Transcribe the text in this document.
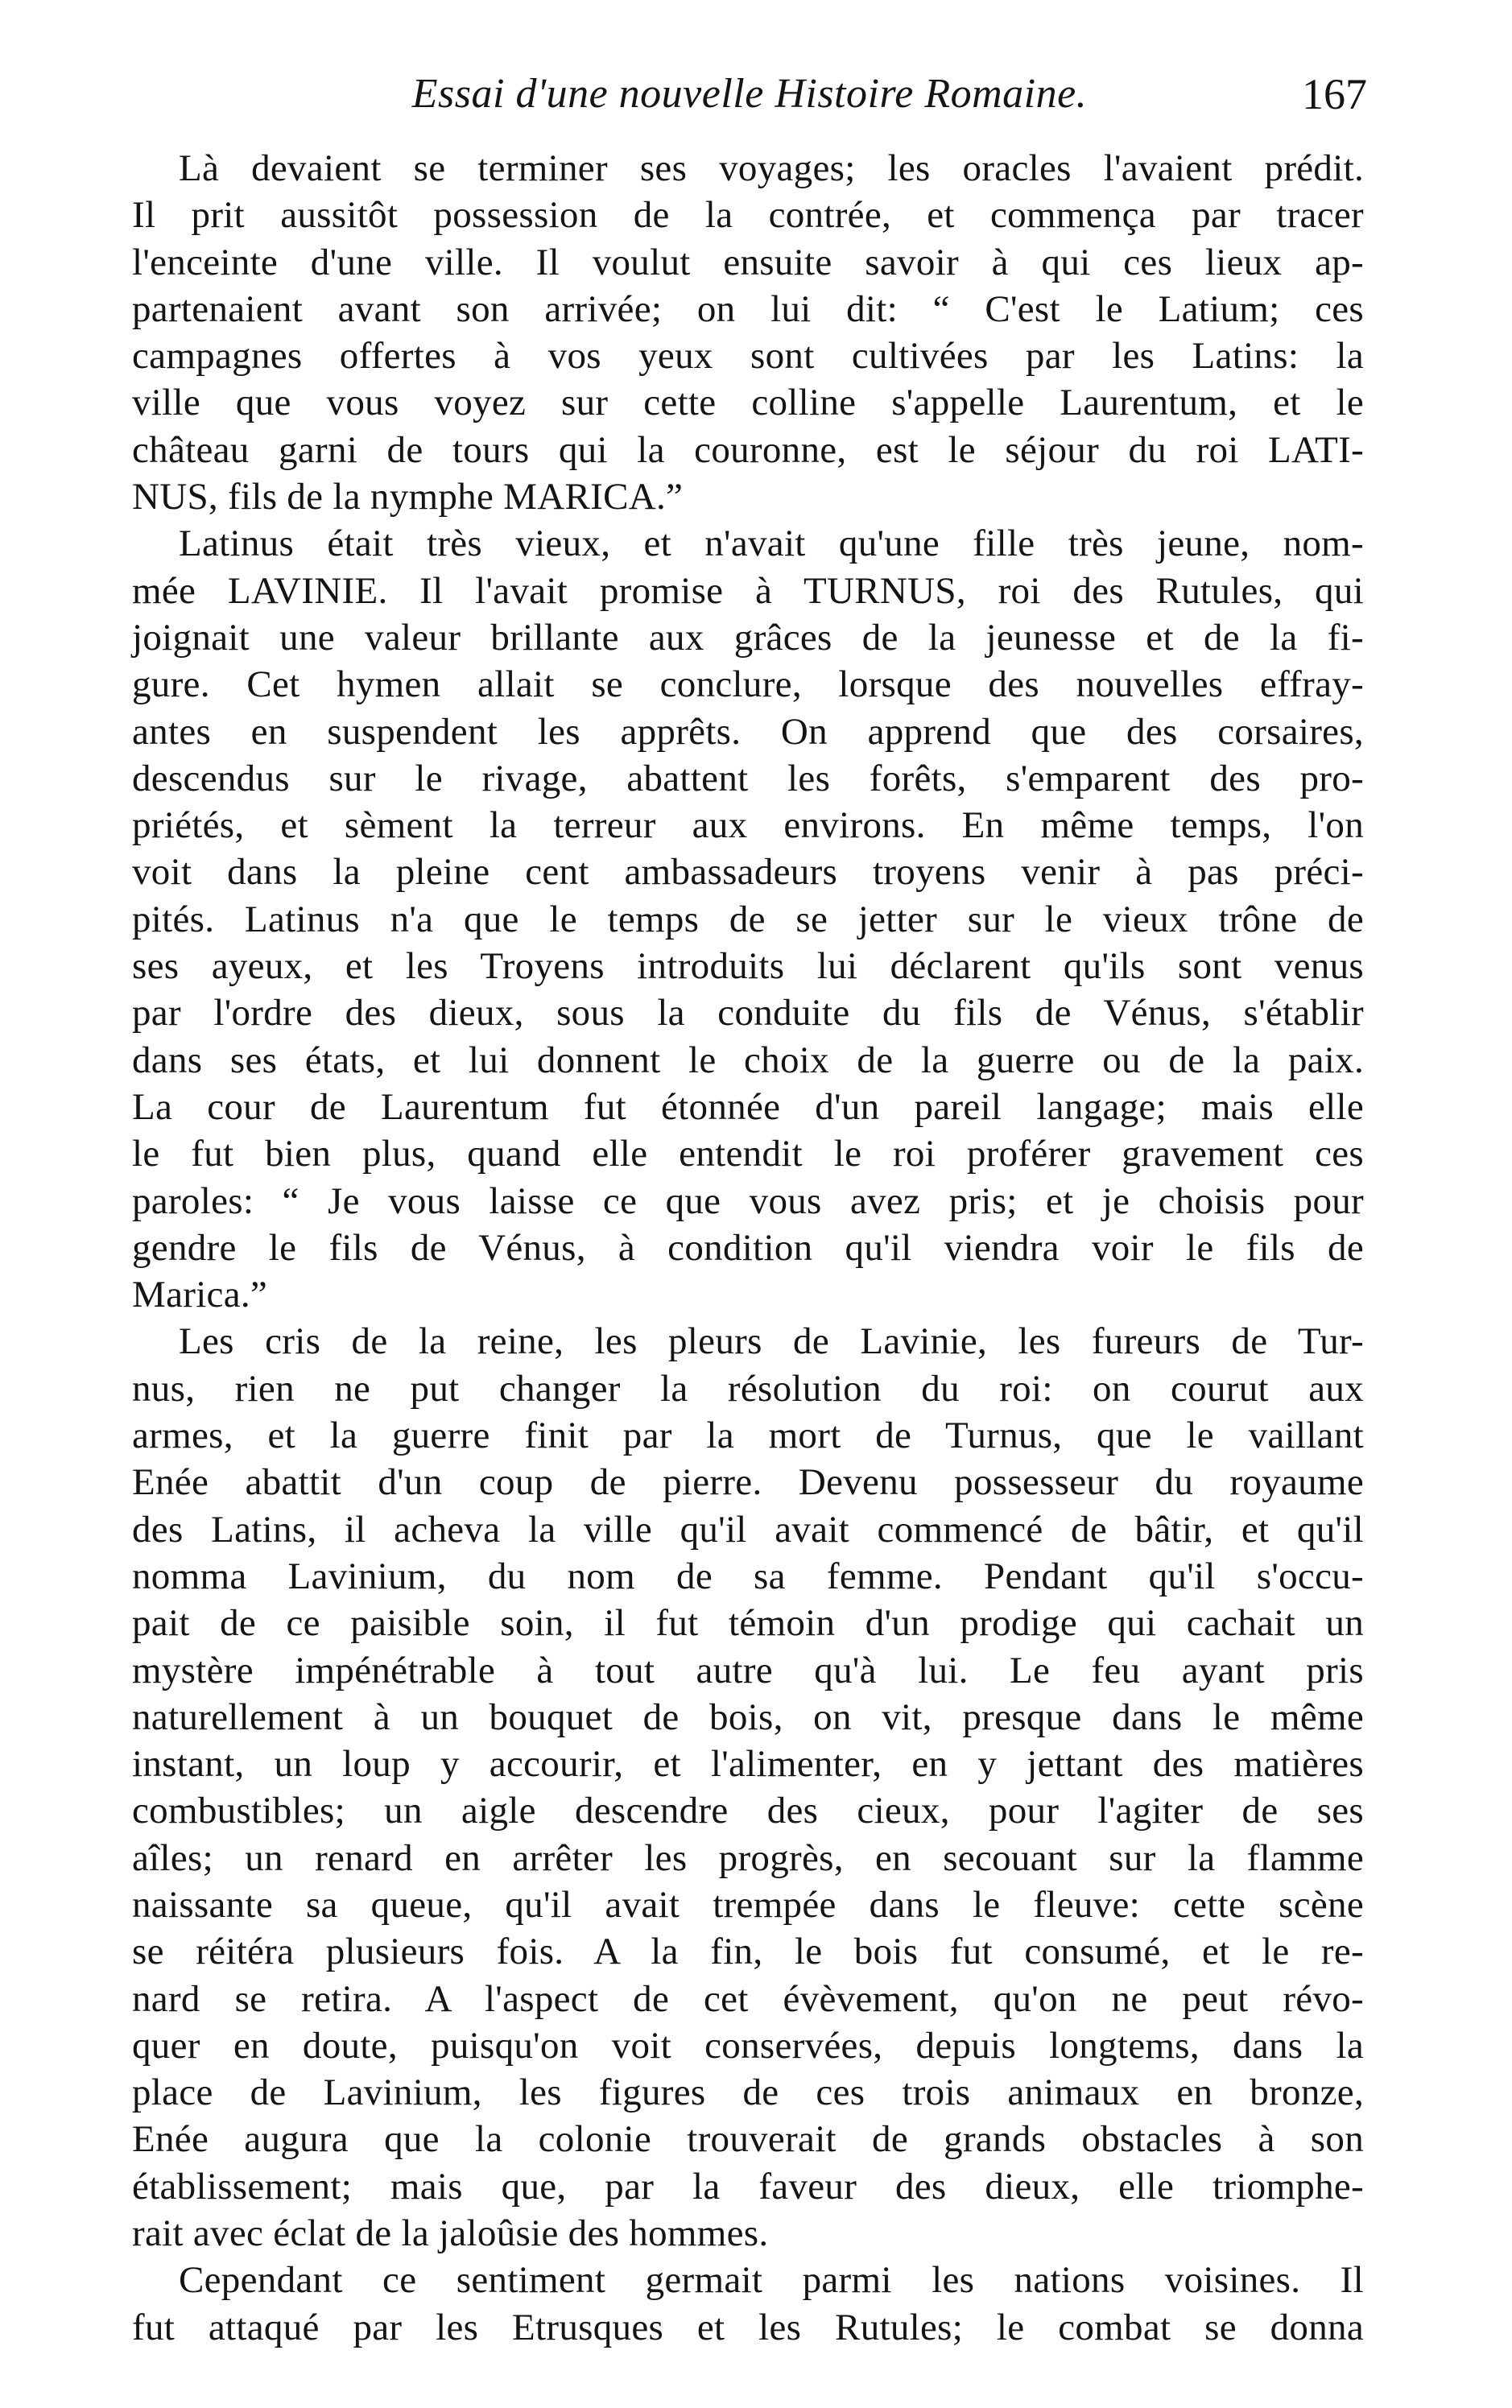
Essai d'une nouvelle Histoire Romaine.	167
Là devaient se terminer ses voyages; les oracles l'avaient prédit.
Il prit aussitôt possession de la contrée, et commença par tracer
l'enceinte d'une ville. Il voulut ensuite savoir à qui ces lieux ap-
partenaient avant son arrivée; on lui dit: “ C'est le Latium; ces
campagnes offertes à vos yeux sont cultivées par les Latins: la
ville que vous voyez sur cette colline s'appelle Laurentum, et le
château garni de tours qui la couronne, est le séjour du roi LATI-
NUS, fils de la nymphe MARICA.”
Latinus était très vieux, et n'avait qu'une fille très jeune, nom-
mée LAVINIE. Il l'avait promise à TURNUS, roi des Rutules, qui
joignait une valeur brillante aux grâces de la jeunesse et de la fi-
gure. Cet hymen allait se conclure, lorsque des nouvelles effray-
antes en suspendent les apprêts. On apprend que des corsaires,
descendus sur le rivage, abattent les forêts, s'emparent des pro-
priétés, et sèment la terreur aux environs. En même temps, l'on
voit dans la pleine cent ambassadeurs troyens venir à pas préci-
pités. Latinus n'a que le temps de se jetter sur le vieux trône de
ses ayeux, et les Troyens introduits lui déclarent qu'ils sont venus
par l'ordre des dieux, sous la conduite du fils de Vénus, s'établir
dans ses états, et lui donnent le choix de la guerre ou de la paix.
La cour de Laurentum fut étonnée d'un pareil langage; mais elle
le fut bien plus, quand elle entendit le roi proférer gravement ces
paroles: “ Je vous laisse ce que vous avez pris; et je choisis pour
gendre le fils de Vénus, à condition qu'il viendra voir le fils de
Marica.”
Les cris de la reine, les pleurs de Lavinie, les fureurs de Tur-
nus, rien ne put changer la résolution du roi: on courut aux
armes, et la guerre finit par la mort de Turnus, que le vaillant
Enée abattit d'un coup de pierre. Devenu possesseur du royaume
des Latins, il acheva la ville qu'il avait commencé de bâtir, et qu'il
nomma Lavinium, du nom de sa femme. Pendant qu'il s'occu-
pait de ce paisible soin, il fut témoin d'un prodige qui cachait un
mystère impénétrable à tout autre qu'à lui. Le feu ayant pris
naturellement à un bouquet de bois, on vit, presque dans le même
instant, un loup y accourir, et l'alimenter, en y jettant des matières
combustibles; un aigle descendre des cieux, pour l'agiter de ses
aîles; un renard en arrêter les progrès, en secouant sur la flamme
naissante sa queue, qu'il avait trempée dans le fleuve: cette scène
se réitéra plusieurs fois. A la fin, le bois fut consumé, et le re-
nard se retira. A l'aspect de cet évèvement, qu'on ne peut révo-
quer en doute, puisqu'on voit conservées, depuis longtems, dans la
place de Lavinium, les figures de ces trois animaux en bronze,
Enée augura que la colonie trouverait de grands obstacles à son
établissement; mais que, par la faveur des dieux, elle triomphe-
rait avec éclat de la jaloûsie des hommes.
Cependant ce sentiment germait parmi les nations voisines. Il
fut attaqué par les Etrusques et les Rutules; le combat se donna
